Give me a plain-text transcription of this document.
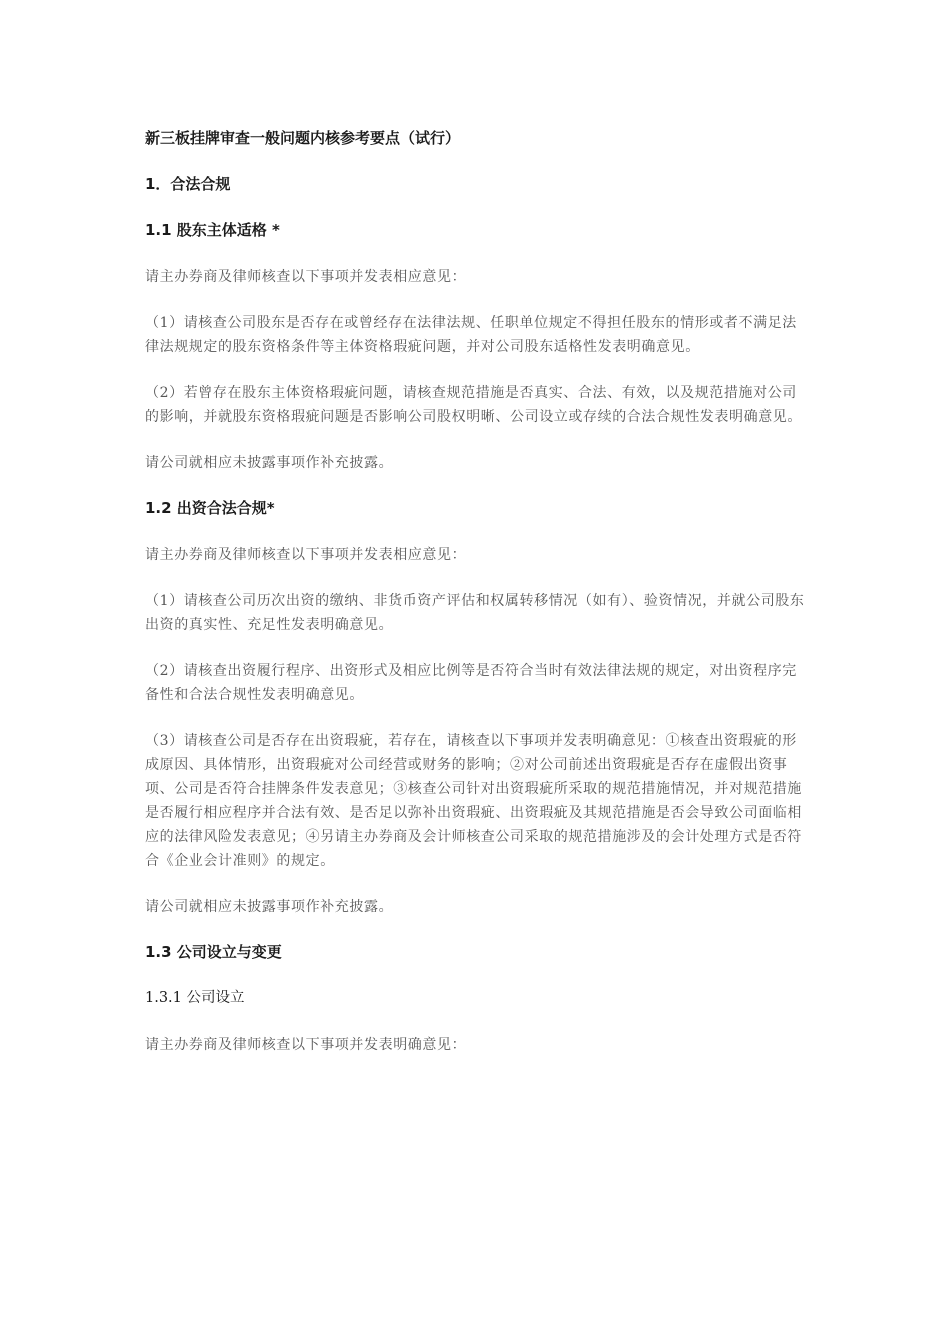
新三板挂牌审查一般问题内核参考要点（试行）
1．合法合规
1.1 股东主体适格 *
请主办券商及律师核查以下事项并发表相应意见：
（1）请核查公司股东是否存在或曾经存在法律法规、任职单位规定不得担任股东的情形或者不满足法律法规规定的股东资格条件等主体资格瑕疵问题，并对公司股东适格性发表明确意见。
（2）若曾存在股东主体资格瑕疵问题，请核查规范措施是否真实、合法、有效，以及规范措施对公司的影响，并就股东资格瑕疵问题是否影响公司股权明晰、公司设立或存续的合法合规性发表明确意见。
请公司就相应未披露事项作补充披露。
1.2 出资合法合规*
请主办券商及律师核查以下事项并发表相应意见：
（1）请核查公司历次出资的缴纳、非货币资产评估和权属转移情况（如有）、验资情况，并就公司股东出资的真实性、充足性发表明确意见。
（2）请核查出资履行程序、出资形式及相应比例等是否符合当时有效法律法规的规定，对出资程序完备性和合法合规性发表明确意见。
（3）请核查公司是否存在出资瑕疵，若存在，请核查以下事项并发表明确意见：①核查出资瑕疵的形成原因、具体情形，出资瑕疵对公司经营或财务的影响；②对公司前述出资瑕疵是否存在虚假出资事项、公司是否符合挂牌条件发表意见；③核查公司针对出资瑕疵所采取的规范措施情况，并对规范措施是否履行相应程序并合法有效、是否足以弥补出资瑕疵、出资瑕疵及其规范措施是否会导致公司面临相应的法律风险发表意见；④另请主办券商及会计师核查公司采取的规范措施涉及的会计处理方式是否符合《企业会计准则》的规定。
请公司就相应未披露事项作补充披露。
1.3 公司设立与变更
1.3.1 公司设立
请主办券商及律师核查以下事项并发表明确意见：
